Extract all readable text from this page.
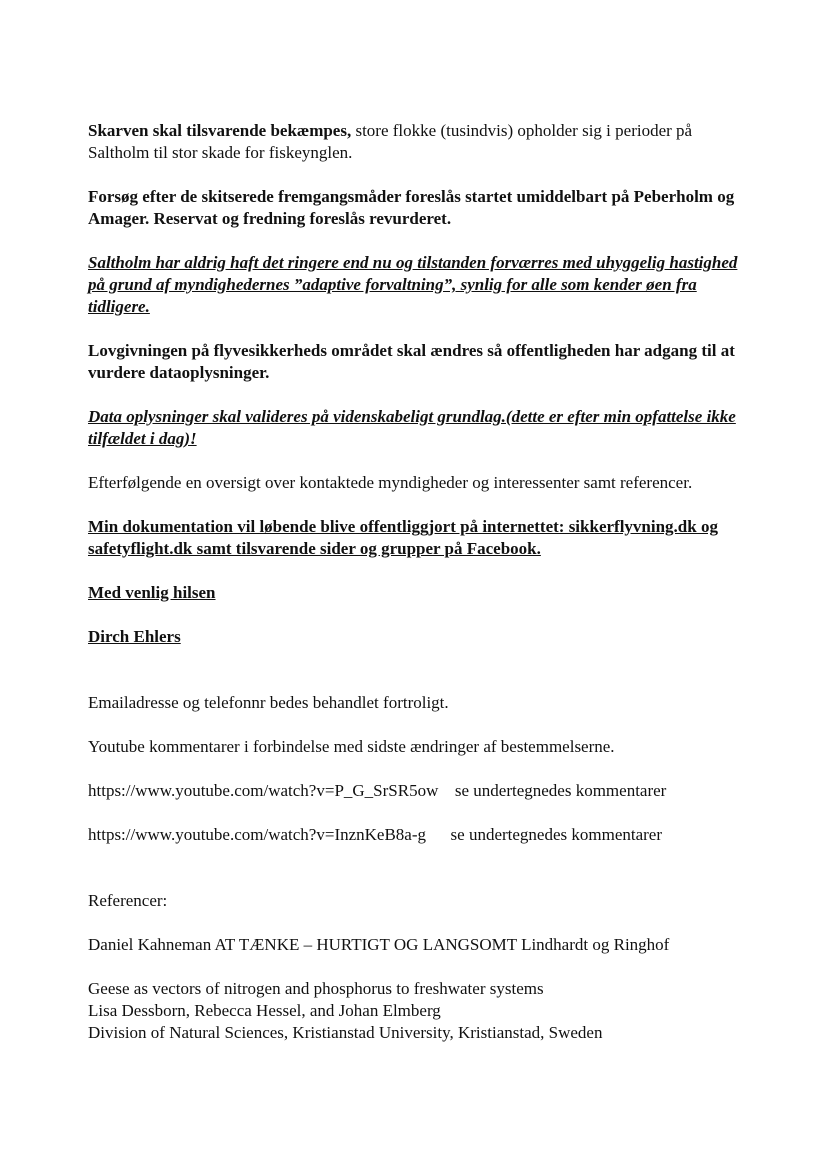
Skarven skal tilsvarende bekæmpes, store flokke (tusindvis) opholder sig i perioder på Saltholm til stor skade for fiskeynglen.

Forsøg efter de skitserede fremgangsmåder foreslås startet umiddelbart på Peberholm og Amager. Reservat og fredning foreslås revurderet.

Saltholm har aldrig haft det ringere end nu og tilstanden forværres med uhyggelig hastighed på grund af myndighedernes ”adaptive forvaltning”, synlig for alle som kender øen fra tidligere.

Lovgivningen på flyvesikkerheds området skal ændres så offentligheden har adgang til at vurdere dataoplysninger.

Data oplysninger skal valideres på videnskabeligt grundlag.(dette er efter min opfattelse ikke tilfældet i dag)!

Efterfølgende en oversigt over kontaktede myndigheder og interessenter samt referencer.

Min dokumentation vil løbende blive offentliggjort på internettet: sikkerflyvning.dk og safetyflight.dk samt tilsvarende sider og grupper på Facebook.

Med venlig hilsen

Dirch Ehlers

Emailadresse og telefonnr bedes behandlet fortroligt.

Youtube kommentarer i forbindelse med sidste ændringer af bestemmelserne.

https://www.youtube.com/watch?v=P_G_SrSR5ow se undertegnedes kommentarer

https://www.youtube.com/watch?v=InznKeB8a-g se undertegnedes kommentarer

Referencer:

Daniel Kahneman AT TÆNKE – HURTIGT OG LANGSOMT Lindhardt og Ringhof

Geese as vectors of nitrogen and phosphorus to freshwater systems

Lisa Dessborn, Rebecca Hessel, and Johan Elmberg

Division of Natural Sciences, Kristianstad University, Kristianstad, Sweden
